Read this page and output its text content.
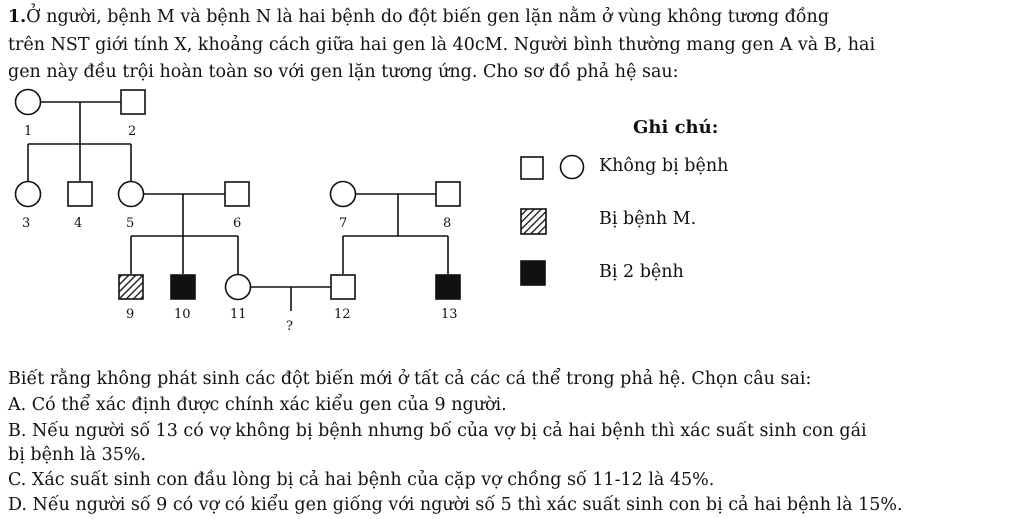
1.Ở người, bệnh M và bệnh N là hai bệnh do đột biến gen lặn nằm ở vùng không tương đồng
trên NST giới tính X, khoảng cách giữa hai gen là 40cM. Người bình thường mang gen A và B, hai
gen này đều trội hoàn toàn so với gen lặn tương ứng. Cho sơ đồ phả hệ sau:
1	2
3	4	5	6	7	8
9	10	11	12	13
?
Ghi chú:
Không bị bệnh
Bị bệnh M.
Bị 2 bệnh
Biết rằng không phát sinh các đột biến mới ở tất cả các cá thể trong phả hệ. Chọn câu sai:
A. Có thể xác định được chính xác kiểu gen của 9 người.
B. Nếu người số 13 có vợ không bị bệnh nhưng bố của vợ bị cả hai bệnh thì xác suất sinh con gái
bị bệnh là 35%.
C. Xác suất sinh con đầu lòng bị cả hai bệnh của cặp vợ chồng số 11-12 là 45%.
D. Nếu người số 9 có vợ có kiểu gen giống với người số 5 thì xác suất sinh con bị cả hai bệnh là 15%.
